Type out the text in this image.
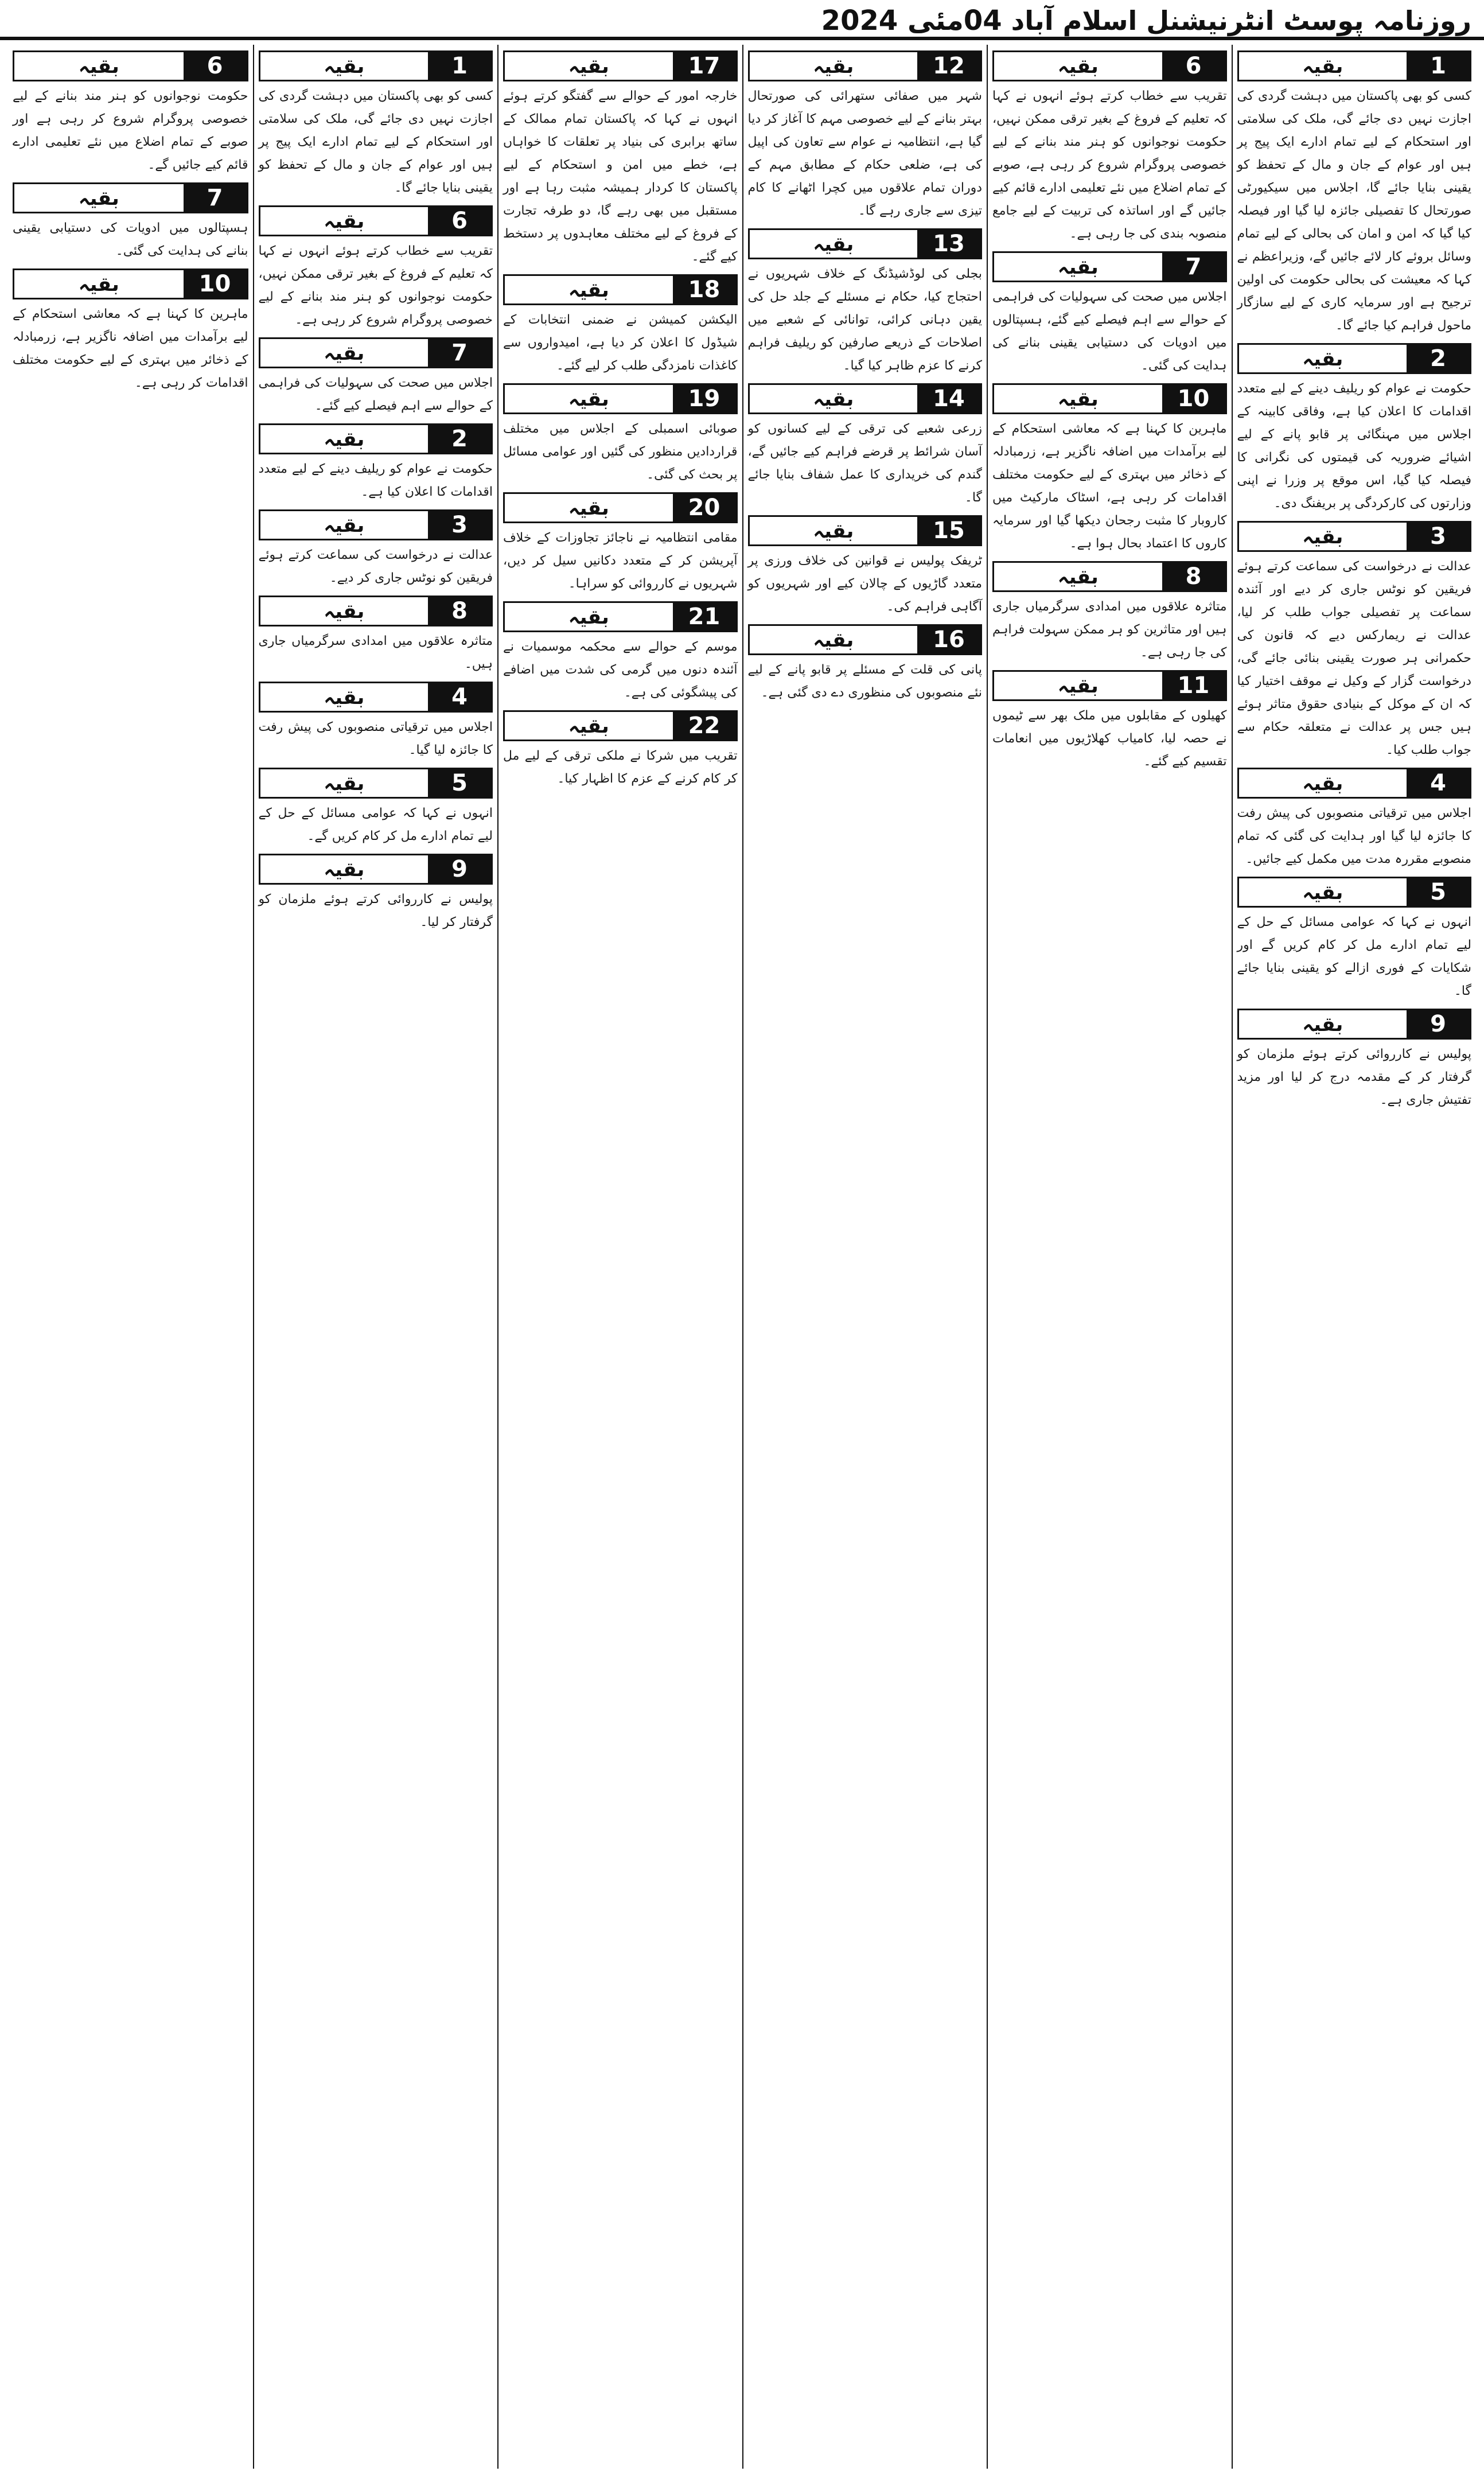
روزنامہ پوسٹ انٹرنیشنل اسلام آباد 04مئی 2024
بقیہ	1
کسی کو بھی پاکستان میں دہشت گردی کی اجازت نہیں دی جائے گی، ملک کی سلامتی اور استحکام کے لیے تمام ادارے ایک پیج پر ہیں اور عوام کے جان و مال کے تحفظ کو یقینی بنایا جائے گا، اجلاس میں سیکیورٹی صورتحال کا تفصیلی جائزہ لیا گیا اور فیصلہ کیا گیا کہ امن و امان کی بحالی کے لیے تمام وسائل بروئے کار لائے جائیں گے، وزیراعظم نے کہا کہ معیشت کی بحالی حکومت کی اولین ترجیح ہے اور سرمایہ کاری کے لیے سازگار ماحول فراہم کیا جائے گا۔
بقیہ	2
حکومت نے عوام کو ریلیف دینے کے لیے متعدد اقدامات کا اعلان کیا ہے، وفاقی کابینہ کے اجلاس میں مہنگائی پر قابو پانے کے لیے اشیائے ضروریہ کی قیمتوں کی نگرانی کا فیصلہ کیا گیا، اس موقع پر وزرا نے اپنی وزارتوں کی کارکردگی پر بریفنگ دی۔
بقیہ	3
عدالت نے درخواست کی سماعت کرتے ہوئے فریقین کو نوٹس جاری کر دیے اور آئندہ سماعت پر تفصیلی جواب طلب کر لیا، عدالت نے ریمارکس دیے کہ قانون کی حکمرانی ہر صورت یقینی بنائی جائے گی، درخواست گزار کے وکیل نے موقف اختیار کیا کہ ان کے موکل کے بنیادی حقوق متاثر ہوئے ہیں جس پر عدالت نے متعلقہ حکام سے جواب طلب کیا۔
بقیہ	4
اجلاس میں ترقیاتی منصوبوں کی پیش رفت کا جائزہ لیا گیا اور ہدایت کی گئی کہ تمام منصوبے مقررہ مدت میں مکمل کیے جائیں۔
بقیہ	5
انہوں نے کہا کہ عوامی مسائل کے حل کے لیے تمام ادارے مل کر کام کریں گے اور شکایات کے فوری ازالے کو یقینی بنایا جائے گا۔
بقیہ	9
پولیس نے کارروائی کرتے ہوئے ملزمان کو گرفتار کر کے مقدمہ درج کر لیا اور مزید تفتیش جاری ہے۔
بقیہ	6
تقریب سے خطاب کرتے ہوئے انہوں نے کہا کہ تعلیم کے فروغ کے بغیر ترقی ممکن نہیں، حکومت نوجوانوں کو ہنر مند بنانے کے لیے خصوصی پروگرام شروع کر رہی ہے، صوبے کے تمام اضلاع میں نئے تعلیمی ادارے قائم کیے جائیں گے اور اساتذہ کی تربیت کے لیے جامع منصوبہ بندی کی جا رہی ہے۔
بقیہ	7
اجلاس میں صحت کی سہولیات کی فراہمی کے حوالے سے اہم فیصلے کیے گئے، ہسپتالوں میں ادویات کی دستیابی یقینی بنانے کی ہدایت کی گئی۔
بقیہ	10
ماہرین کا کہنا ہے کہ معاشی استحکام کے لیے برآمدات میں اضافہ ناگزیر ہے، زرمبادلہ کے ذخائر میں بہتری کے لیے حکومت مختلف اقدامات کر رہی ہے، اسٹاک مارکیٹ میں کاروبار کا مثبت رجحان دیکھا گیا اور سرمایہ کاروں کا اعتماد بحال ہوا ہے۔
بقیہ	8
متاثرہ علاقوں میں امدادی سرگرمیاں جاری ہیں اور متاثرین کو ہر ممکن سہولت فراہم کی جا رہی ہے۔
بقیہ	11
کھیلوں کے مقابلوں میں ملک بھر سے ٹیموں نے حصہ لیا، کامیاب کھلاڑیوں میں انعامات تقسیم کیے گئے۔
بقیہ	12
شہر میں صفائی ستھرائی کی صورتحال بہتر بنانے کے لیے خصوصی مہم کا آغاز کر دیا گیا ہے، انتظامیہ نے عوام سے تعاون کی اپیل کی ہے، ضلعی حکام کے مطابق مہم کے دوران تمام علاقوں میں کچرا اٹھانے کا کام تیزی سے جاری رہے گا۔
بقیہ	13
بجلی کی لوڈشیڈنگ کے خلاف شہریوں نے احتجاج کیا، حکام نے مسئلے کے جلد حل کی یقین دہانی کرائی، توانائی کے شعبے میں اصلاحات کے ذریعے صارفین کو ریلیف فراہم کرنے کا عزم ظاہر کیا گیا۔
بقیہ	14
زرعی شعبے کی ترقی کے لیے کسانوں کو آسان شرائط پر قرضے فراہم کیے جائیں گے، گندم کی خریداری کا عمل شفاف بنایا جائے گا۔
بقیہ	15
ٹریفک پولیس نے قوانین کی خلاف ورزی پر متعدد گاڑیوں کے چالان کیے اور شہریوں کو آگاہی فراہم کی۔
بقیہ	16
پانی کی قلت کے مسئلے پر قابو پانے کے لیے نئے منصوبوں کی منظوری دے دی گئی ہے۔
بقیہ	17
خارجہ امور کے حوالے سے گفتگو کرتے ہوئے انہوں نے کہا کہ پاکستان تمام ممالک کے ساتھ برابری کی بنیاد پر تعلقات کا خواہاں ہے، خطے میں امن و استحکام کے لیے پاکستان کا کردار ہمیشہ مثبت رہا ہے اور مستقبل میں بھی رہے گا، دو طرفہ تجارت کے فروغ کے لیے مختلف معاہدوں پر دستخط کیے گئے۔
بقیہ	18
الیکشن کمیشن نے ضمنی انتخابات کے شیڈول کا اعلان کر دیا ہے، امیدواروں سے کاغذات نامزدگی طلب کر لیے گئے۔
بقیہ	19
صوبائی اسمبلی کے اجلاس میں مختلف قراردادیں منظور کی گئیں اور عوامی مسائل پر بحث کی گئی۔
بقیہ	20
مقامی انتظامیہ نے ناجائز تجاوزات کے خلاف آپریشن کر کے متعدد دکانیں سیل کر دیں، شہریوں نے کارروائی کو سراہا۔
بقیہ	21
موسم کے حوالے سے محکمہ موسمیات نے آئندہ دنوں میں گرمی کی شدت میں اضافے کی پیشگوئی کی ہے۔
بقیہ	22
تقریب میں شرکا نے ملکی ترقی کے لیے مل کر کام کرنے کے عزم کا اظہار کیا۔
بقیہ	1
کسی کو بھی پاکستان میں دہشت گردی کی اجازت نہیں دی جائے گی، ملک کی سلامتی اور استحکام کے لیے تمام ادارے ایک پیج پر ہیں اور عوام کے جان و مال کے تحفظ کو یقینی بنایا جائے گا۔
بقیہ	6
تقریب سے خطاب کرتے ہوئے انہوں نے کہا کہ تعلیم کے فروغ کے بغیر ترقی ممکن نہیں، حکومت نوجوانوں کو ہنر مند بنانے کے لیے خصوصی پروگرام شروع کر رہی ہے۔
بقیہ	7
اجلاس میں صحت کی سہولیات کی فراہمی کے حوالے سے اہم فیصلے کیے گئے۔
بقیہ	2
حکومت نے عوام کو ریلیف دینے کے لیے متعدد اقدامات کا اعلان کیا ہے۔
بقیہ	3
عدالت نے درخواست کی سماعت کرتے ہوئے فریقین کو نوٹس جاری کر دیے۔
بقیہ	8
متاثرہ علاقوں میں امدادی سرگرمیاں جاری ہیں۔
بقیہ	4
اجلاس میں ترقیاتی منصوبوں کی پیش رفت کا جائزہ لیا گیا۔
بقیہ	5
انہوں نے کہا کہ عوامی مسائل کے حل کے لیے تمام ادارے مل کر کام کریں گے۔
بقیہ	9
پولیس نے کارروائی کرتے ہوئے ملزمان کو گرفتار کر لیا۔
بقیہ	6
حکومت نوجوانوں کو ہنر مند بنانے کے لیے خصوصی پروگرام شروع کر رہی ہے اور صوبے کے تمام اضلاع میں نئے تعلیمی ادارے قائم کیے جائیں گے۔
بقیہ	7
ہسپتالوں میں ادویات کی دستیابی یقینی بنانے کی ہدایت کی گئی۔
بقیہ	10
ماہرین کا کہنا ہے کہ معاشی استحکام کے لیے برآمدات میں اضافہ ناگزیر ہے، زرمبادلہ کے ذخائر میں بہتری کے لیے حکومت مختلف اقدامات کر رہی ہے۔
